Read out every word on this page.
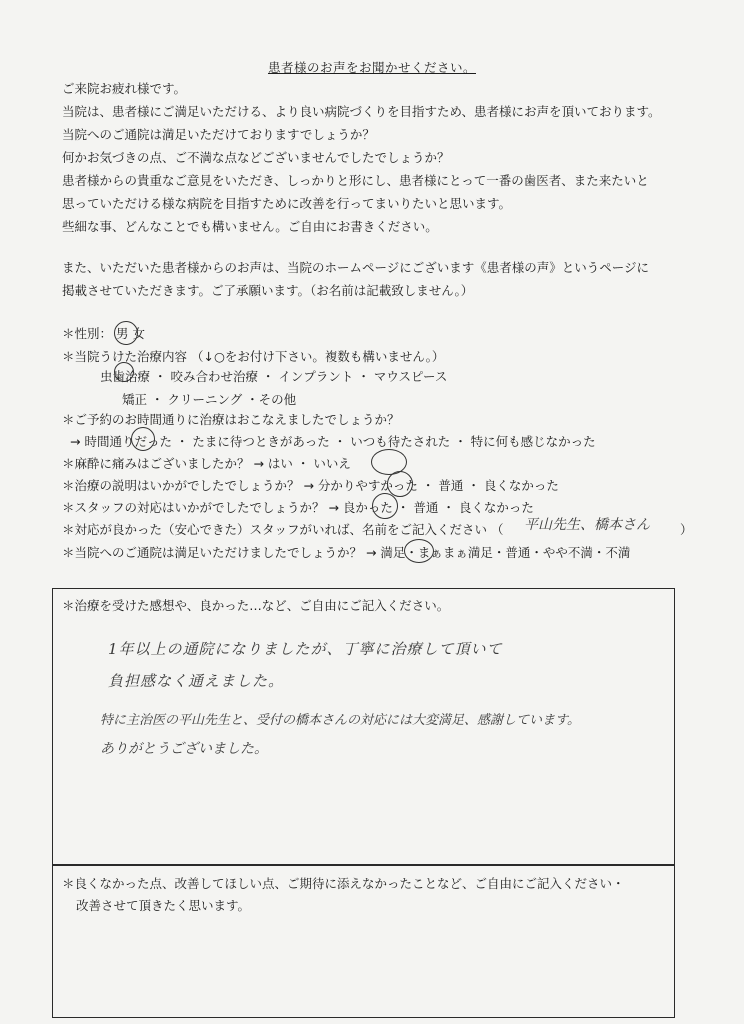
患者様のお声をお聞かせください。
ご来院お疲れ様です。
当院は、患者様にご満足いただける、より良い病院づくりを目指すため、患者様にお声を頂いております。
当院へのご通院は満足いただけておりますでしょうか？
何かお気づきの点、ご不満な点などございませんでしたでしょうか？
患者様からの貴重なご意見をいただき、しっかりと形にし、患者様にとって一番の歯医者、また来たいと
思っていただける様な病院を目指すために改善を行ってまいりたいと思います。
些細な事、どんなことでも構いません。ご自由にお書きください。
また、いただいた患者様からのお声は、当院のホームページにございます《患者様の声》というページに
掲載させていただきます。ご了承願います。（お名前は記載致しません。）
＊性別： 男 女
＊当院うけた治療内容 （↓○をお付け下さい。複数も構いません。）
虫歯治療 ・ 咬み合わせ治療 ・ インプラント ・ マウスピース
矯正 ・ クリーニング ・その他
＊ご予約のお時間通りに治療はおこなえましたでしょうか？
→ 時間通りだった ・ たまに待つときがあった ・ いつも待たされた ・ 特に何も感じなかった
＊麻酔に痛みはございましたか？ → はい ・ いいえ
＊治療の説明はいかがでしたでしょうか？ → 分かりやすかった ・ 普通 ・ 良くなかった
＊スタッフの対応はいかがでしたでしょうか？ → 良かった ・ 普通 ・ 良くなかった
＊対応が良かった（安心できた）スタッフがいれば、名前をご記入ください （ 平山先生、橋本さん ）
＊当院へのご通院は満足いただけましたでしょうか？ → 満足・まぁまぁ満足・普通・やや不満・不満
＊治療を受けた感想や、良かった…など、ご自由にご記入ください。
1年以上の通院になりましたが、丁寧に治療して頂いて
負担感なく通えました。
特に主治医の平山先生と、受付の橋本さんの対応には大変満足、感謝しています。
ありがとうございました。
＊良くなかった点、改善してほしい点、ご期待に添えなかったことなど、ご自由にご記入ください・
改善させて頂きたく思います。
